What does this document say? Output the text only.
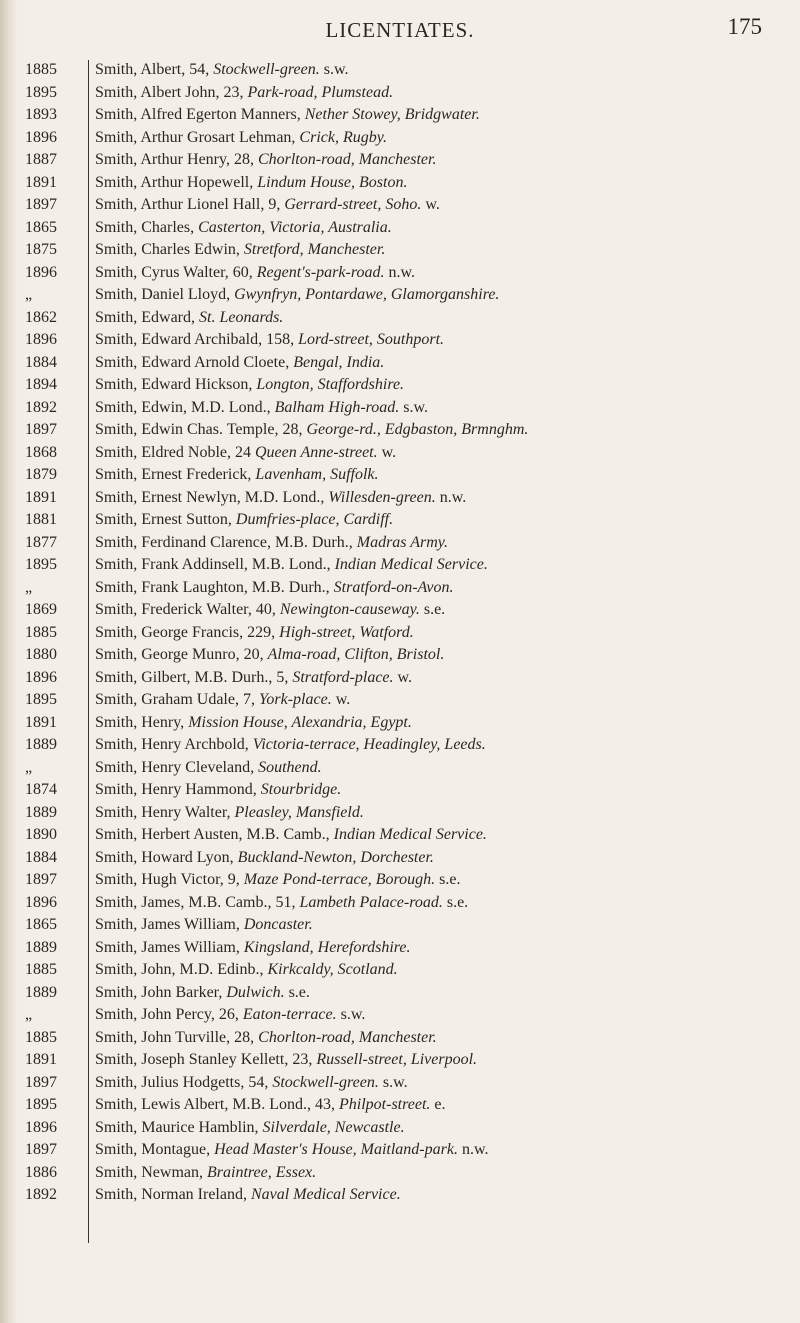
LICENTIATES.	175
1885	Smith, Albert, 54, Stockwell-green. s.w.
1895	Smith, Albert John, 23, Park-road, Plumstead.
1893	Smith, Alfred Egerton Manners, Nether Stowey, Bridgwater.
1896	Smith, Arthur Grosart Lehman, Crick, Rugby.
1887	Smith, Arthur Henry, 28, Chorlton-road, Manchester.
1891	Smith, Arthur Hopewell, Lindum House, Boston.
1897	Smith, Arthur Lionel Hall, 9, Gerrard-street, Soho. w.
1865	Smith, Charles, Casterton, Victoria, Australia.
1875	Smith, Charles Edwin, Stretford, Manchester.
1896	Smith, Cyrus Walter, 60, Regent's-park-road. n.w.
„	Smith, Daniel Lloyd, Gwynfryn, Pontardawe, Glamorganshire.
1862	Smith, Edward, St. Leonards.
1896	Smith, Edward Archibald, 158, Lord-street, Southport.
1884	Smith, Edward Arnold Cloete, Bengal, India.
1894	Smith, Edward Hickson, Longton, Staffordshire.
1892	Smith, Edwin, M.D. Lond., Balham High-road. s.w.
1897	Smith, Edwin Chas. Temple, 28, George-rd., Edgbaston, Brmnghm.
1868	Smith, Eldred Noble, 24 Queen Anne-street. w.
1879	Smith, Ernest Frederick, Lavenham, Suffolk.
1891	Smith, Ernest Newlyn, M.D. Lond., Willesden-green. n.w.
1881	Smith, Ernest Sutton, Dumfries-place, Cardiff.
1877	Smith, Ferdinand Clarence, M.B. Durh., Madras Army.
1895	Smith, Frank Addinsell, M.B. Lond., Indian Medical Service.
„	Smith, Frank Laughton, M.B. Durh., Stratford-on-Avon.
1869	Smith, Frederick Walter, 40, Newington-causeway. s.e.
1885	Smith, George Francis, 229, High-street, Watford.
1880	Smith, George Munro, 20, Alma-road, Clifton, Bristol.
1896	Smith, Gilbert, M.B. Durh., 5, Stratford-place. w.
1895	Smith, Graham Udale, 7, York-place. w.
1891	Smith, Henry, Mission House, Alexandria, Egypt.
1889	Smith, Henry Archbold, Victoria-terrace, Headingley, Leeds.
„	Smith, Henry Cleveland, Southend.
1874	Smith, Henry Hammond, Stourbridge.
1889	Smith, Henry Walter, Pleasley, Mansfield.
1890	Smith, Herbert Austen, M.B. Camb., Indian Medical Service.
1884	Smith, Howard Lyon, Buckland-Newton, Dorchester.
1897	Smith, Hugh Victor, 9, Maze Pond-terrace, Borough. s.e.
1896	Smith, James, M.B. Camb., 51, Lambeth Palace-road. s.e.
1865	Smith, James William, Doncaster.
1889	Smith, James William, Kingsland, Herefordshire.
1885	Smith, John, M.D. Edinb., Kirkcaldy, Scotland.
1889	Smith, John Barker, Dulwich. s.e.
„	Smith, John Percy, 26, Eaton-terrace. s.w.
1885	Smith, John Turville, 28, Chorlton-road, Manchester.
1891	Smith, Joseph Stanley Kellett, 23, Russell-street, Liverpool.
1897	Smith, Julius Hodgetts, 54, Stockwell-green. s.w.
1895	Smith, Lewis Albert, M.B. Lond., 43, Philpot-street. e.
1896	Smith, Maurice Hamblin, Silverdale, Newcastle.
1897	Smith, Montague, Head Master's House, Maitland-park. n.w.
1886	Smith, Newman, Braintree, Essex.
1892	Smith, Norman Ireland, Naval Medical Service.
